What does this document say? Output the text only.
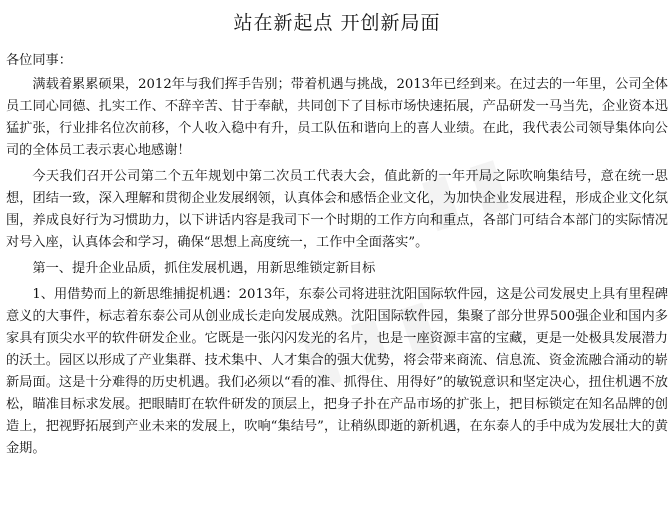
站在新起点 开创新局面
各位同事：

满载着累累硕果，2012年与我们挥手告别；带着机遇与挑战，2013年已经到来。在过去的一年里，公司全体员工同心同德、扎实工作、不辞辛苦、甘于奉献，共同创下了目标市场快速拓展，产品研发一马当先，企业资本迅猛扩张，行业排名位次前移，个人收入稳中有升，员工队伍和谐向上的喜人业绩。在此，我代表公司领导集体向公司的全体员工表示衷心地感谢！

今天我们召开公司第二个五年规划中第二次员工代表大会，值此新的一年开局之际吹响集结号，意在统一思想，团结一致，深入理解和贯彻企业发展纲领，认真体会和感悟企业文化，为加快企业发展进程，形成企业文化氛围，养成良好行为习惯助力，以下讲话内容是我司下一个时期的工作方向和重点，各部门可结合本部门的实际情况对号入座，认真体会和学习，确保“思想上高度统一，工作中全面落实”。

第一、提升企业品质，抓住发展机遇，用新思维锁定新目标

1、用借势而上的新思维捕捉机遇：2013年，东泰公司将进驻沈阳国际软件园，这是公司发展史上具有里程碑意义的大事件，标志着东泰公司从创业成长走向发展成熟。沈阳国际软件园，集聚了部分世界500强企业和国内多家具有顶尖水平的软件研发企业。它既是一张闪闪发光的名片，也是一座资源丰富的宝藏，更是一处极具发展潜力的沃土。园区以形成了产业集群、技术集中、人才集合的强大优势，将会带来商流、信息流、资金流融合涌动的崭新局面。这是十分难得的历史机遇。我们必须以“看的准、抓得住、用得好”的敏锐意识和坚定决心，扭住机遇不放松，瞄准目标求发展。把眼睛盯在软件研发的顶层上，把身子扑在产品市场的扩张上，把目标锁定在知名品牌的创造上，把视野拓展到产业未来的发展上，吹响“集结号”，让稍纵即逝的新机遇，在东泰人的手中成为发展壮大的黄金期。
